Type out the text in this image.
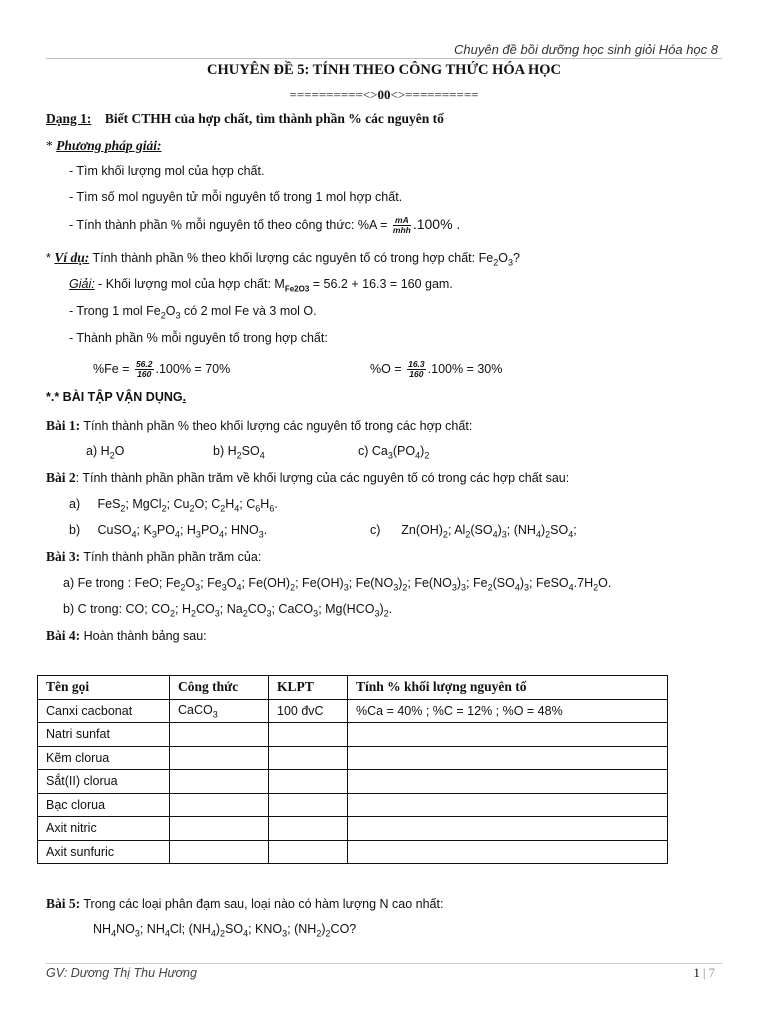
Chuyên đề bồi dưỡng học sinh giỏi Hóa học 8
CHUYÊN ĐỀ 5: TÍNH THEO CÔNG THỨC HÓA HỌC
==========<>00<>==========
Dạng 1: Biết CTHH của hợp chất, tìm thành phần % các nguyên tố
* Phương pháp giải:
- Tìm khối lượng mol của hợp chất.
- Tìm số mol nguyên tử mỗi nguyên tố trong 1 mol hợp chất.
- Tính thành phần % mỗi nguyên tố theo công thức: $\%A = \frac{mA}{\text{mhh}} .100\%$ .
* Ví dụ: Tính thành phần % theo khối lượng các nguyên tố có trong hợp chất: $Fe_2O_3$?
Giải: - Khối lượng mol của hợp chất: $M_{Fe2O3} = 56.2 + 16.3 = 160$ gam.
- Trong 1 mol $Fe_2O_3$ có 2 mol Fe và 3 mol O.
- Thành phần % mỗi nguyên tố trong hợp chất:
$\%Fe = \frac{56.2}{160} .100\% = 70\%$	$\%O = \frac{16.3}{160} .100\% = 30\%$
*.* BÀI TẬP VẬN DỤNG.
Bài 1: Tính thành phần % theo khối lượng các nguyên tố trong các hợp chất:
a) $H_2O$	b) $H_2SO_4$	c) $Ca_3(PO_4)_2$
Bài 2: Tính thành phần phần trăm về khối lượng của các nguyên tố có trong các hợp chất sau:
a)     FeS$_2$; MgCl$_2$; $Cu_2O$; $C_2H_4$; $C_6H_6$.
b)     CuSO$_4$; $K_3PO_4$; $H_3PO_4$; $HNO_3$.	c)      $Zn(OH)_2$; $Al_2(SO_4)_3$; $(NH_4)_2SO_4$;
Bài 3: Tính thành phần phần trăm của:
a) Fe trong : FeO; $Fe_2O_3$; $Fe_3O_4$; $Fe(OH)_2$; $Fe(OH)_3$; $Fe(NO_3)_2$; $Fe(NO_3)_3$; $Fe_2(SO_4)_3$; $FeSO_4.7H_2O$.
b) C trong: CO; $CO_2$; $H_2CO_3$; $Na_2CO_3$; CaCO$_3$; $Mg(HCO_3)_2$.
Bài 4: Hoàn thành bảng sau:
Tên gọi	Công thức	KLPT	Tính % khối lượng nguyên tố
Canxi cacbonat	CaCO$_3$	100 đvC	%Ca = 40% ; %C = 12% ; %O = 48%
Natri sunfat			
Kẽm clorua			
Sắt(II) clorua			
Bạc clorua			
Axit nitric			
Axit sunfuric			
Bài 5: Trong các loại phân đạm sau, loại nào có hàm lượng N cao nhất:
$NH_4NO_3$; $NH_4Cl$; $(NH_4)_2SO_4$; $KNO_3$; $(NH_2)_2CO$?
GV: Dương Thị Thu Hương	1 | 7
